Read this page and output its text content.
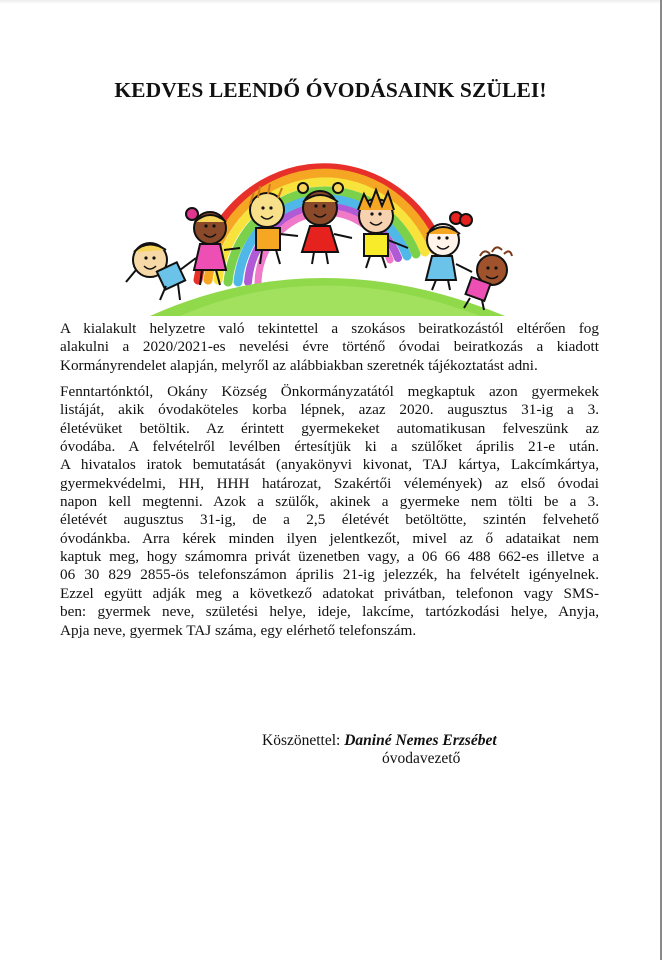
KEDVES LEENDŐ ÓVODÁSAINK SZÜLEI!
A kialakult helyzetre való tekintettel a szokásos beiratkozástól eltérően fog
alakulni a 2020/2021-es nevelési évre történő óvodai beiratkozás a kiadott
Kormányrendelet alapján, melyről az alábbiakban szeretnék tájékoztatást adni.
Fenntartónktól, Okány Község Önkormányzatától megkaptuk azon gyermekek
listáját, akik óvodaköteles korba lépnek, azaz 2020. augusztus 31-ig a 3.
életévüket betöltik. Az érintett gyermekeket automatikusan felveszünk az
óvodába. A felvételről levélben értesítjük ki a szülőket április 21-e után.
A hivatalos iratok bemutatását (anyakönyvi kivonat, TAJ kártya, Lakcímkártya,
gyermekvédelmi, HH, HHH határozat, Szakértői vélemények) az első óvodai
napon kell megtenni. Azok a szülők, akinek a gyermeke nem tölti be a 3.
életévét augusztus 31-ig, de a 2,5 életévét betöltötte, szintén felvehető
óvodánkba. Arra kérek minden ilyen jelentkezőt, mivel az ő adataikat nem
kaptuk meg, hogy számomra privát üzenetben vagy, a 06 66 488 662-es illetve a
06 30 829 2855-ös telefonszámon április 21-ig jelezzék, ha felvételt igényelnek.
Ezzel együtt adják meg a következő adatokat privátban, telefonon vagy SMS-
ben: gyermek neve, születési helye, ideje, lakcíme, tartózkodási helye, Anyja,
Apja neve, gyermek TAJ száma, egy elérhető telefonszám.
Köszönettel: Daniné Nemes Erzsébet
óvodavezető
